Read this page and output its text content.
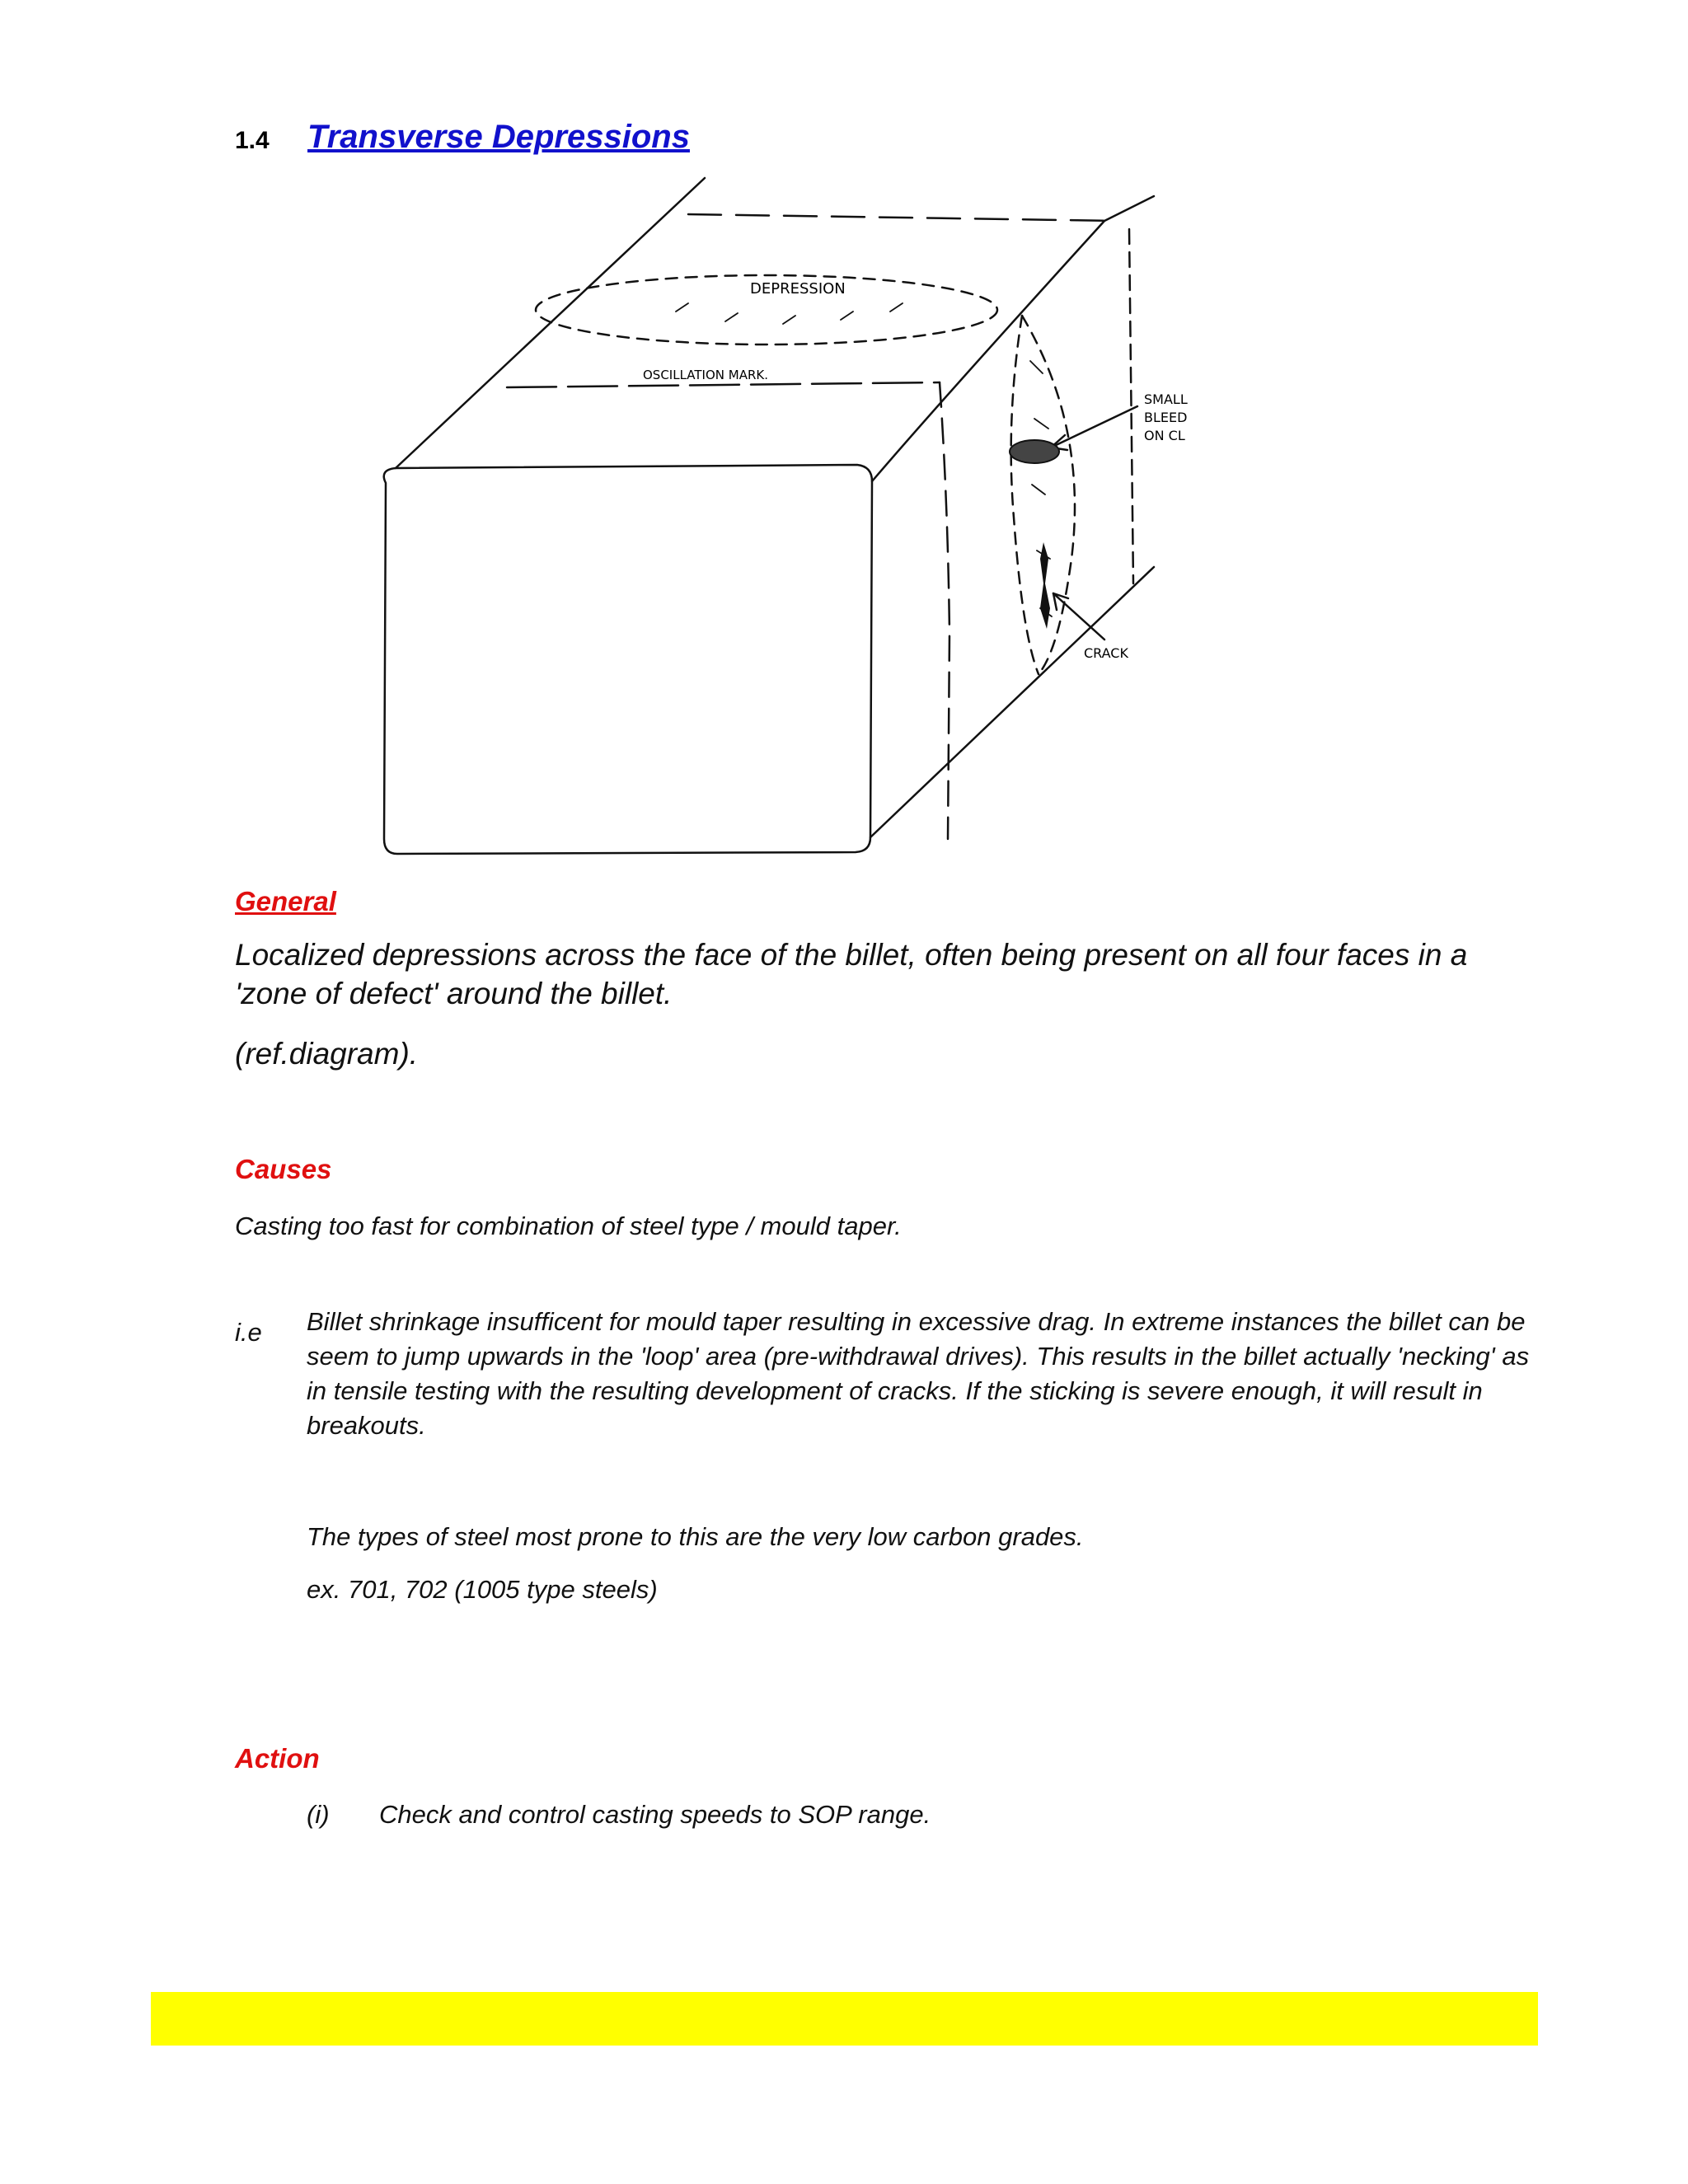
1.4 Transverse Depressions
DEPRESSION
OSCILLATION MARK.
SMALL
BLEED
ON CL
CRACK
General
Localized depressions across the face of the billet, often being present on all four faces in a 'zone of defect' around the billet.
(ref.diagram).
Causes
Casting too fast for combination of steel type / mould taper.
i.e Billet shrinkage insufficent for mould taper resulting in excessive drag. In extreme instances the billet can be seem to jump upwards in the 'loop' area (pre-withdrawal drives). This results in the billet actually 'necking' as in tensile testing with the resulting development of cracks. If the sticking is severe enough, it will result in breakouts.
The types of steel most prone to this are the very low carbon grades.
ex. 701, 702 (1005 type steels)
Action
(i) Check and control casting speeds to SOP range.
